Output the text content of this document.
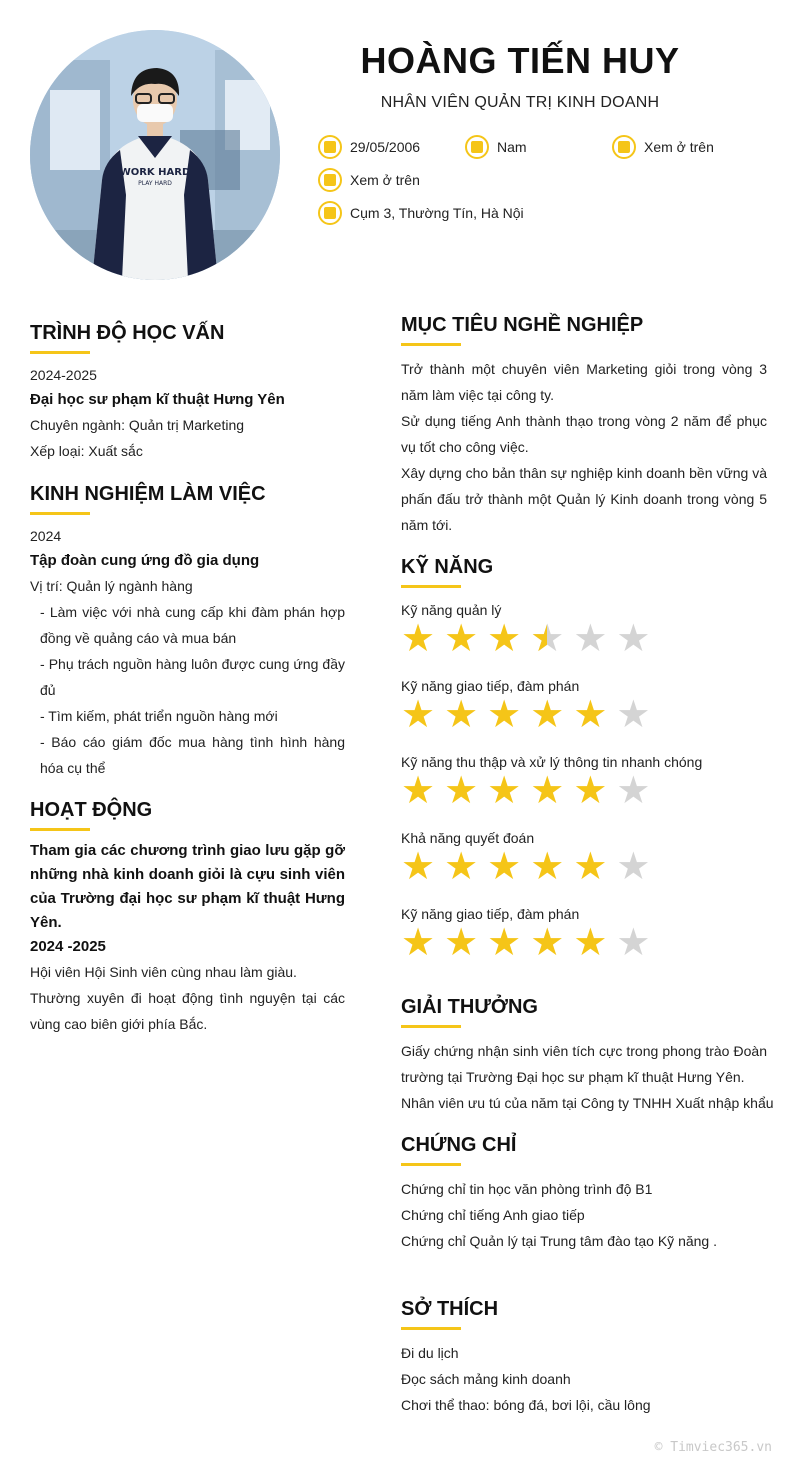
WORK HARD
PLAY HARD
HOÀNG TIẾN HUY
NHÂN VIÊN QUẢN TRỊ KINH DOANH
29/05/2006	Nam	Xem ở trên
Xem ở trên
Cụm 3, Thường Tín, Hà Nội
TRÌNH ĐỘ HỌC VẤN
2024-2025
Đại học sư phạm kĩ thuật Hưng Yên
Chuyên ngành: Quản trị Marketing
Xếp loại: Xuất sắc
KINH NGHIỆM LÀM VIỆC
2024
Tập đoàn cung ứng đồ gia dụng
Vị trí: Quản lý ngành hàng
- Làm việc với nhà cung cấp khi đàm phán hợp đồng về quảng cáo và mua bán
- Phụ trách nguồn hàng luôn được cung ứng đầy đủ
- Tìm kiếm, phát triển nguồn hàng mới
- Báo cáo giám đốc mua hàng tình hình hàng hóa cụ thể
HOẠT ĐỘNG
Tham gia các chương trình giao lưu gặp gỡ những nhà kinh doanh giỏi là cựu sinh viên của Trường đại học sư phạm kĩ thuật Hưng Yên.
2024 -2025
Hội viên Hội Sinh viên cùng nhau làm giàu.
Thường xuyên đi hoạt động tình nguyện tại các vùng cao biên giới phía Bắc.
MỤC TIÊU NGHỀ NGHIỆP
Trở thành một chuyên viên Marketing giỏi trong vòng 3 năm làm việc tại công ty.
Sử dụng tiếng Anh thành thạo trong vòng 2 năm để phục vụ tốt cho công việc.
Xây dựng cho bản thân sự nghiệp kinh doanh bền vững và phấn đấu trở thành một Quản lý Kinh doanh trong vòng 5 năm tới.
KỸ NĂNG
Kỹ năng quản lý
★ ★ ★
★ ★ ★ ★
Kỹ năng giao tiếp, đàm phán
★ ★ ★ ★ ★ ★
Kỹ năng thu thập và xử lý thông tin nhanh chóng
★ ★ ★ ★ ★ ★
Khả năng quyết đoán
★ ★ ★ ★ ★ ★
Kỹ năng giao tiếp, đàm phán
★ ★ ★ ★ ★ ★
GIẢI THƯỞNG
Giấy chứng nhận sinh viên tích cực trong phong trào Đoàn trường tại Trường Đại học sư phạm kĩ thuật Hưng Yên.
Nhân viên ưu tú của năm tại Công ty TNHH Xuất nhập khẩu
CHỨNG CHỈ
Chứng chỉ tin học văn phòng trình độ B1
Chứng chỉ tiếng Anh giao tiếp
Chứng chỉ Quản lý tại Trung tâm đào tạo Kỹ năng .
SỞ THÍCH
Đi du lịch
Đọc sách mảng kinh doanh
Chơi thể thao: bóng đá, bơi lội, cầu lông
© Timviec365.vn
